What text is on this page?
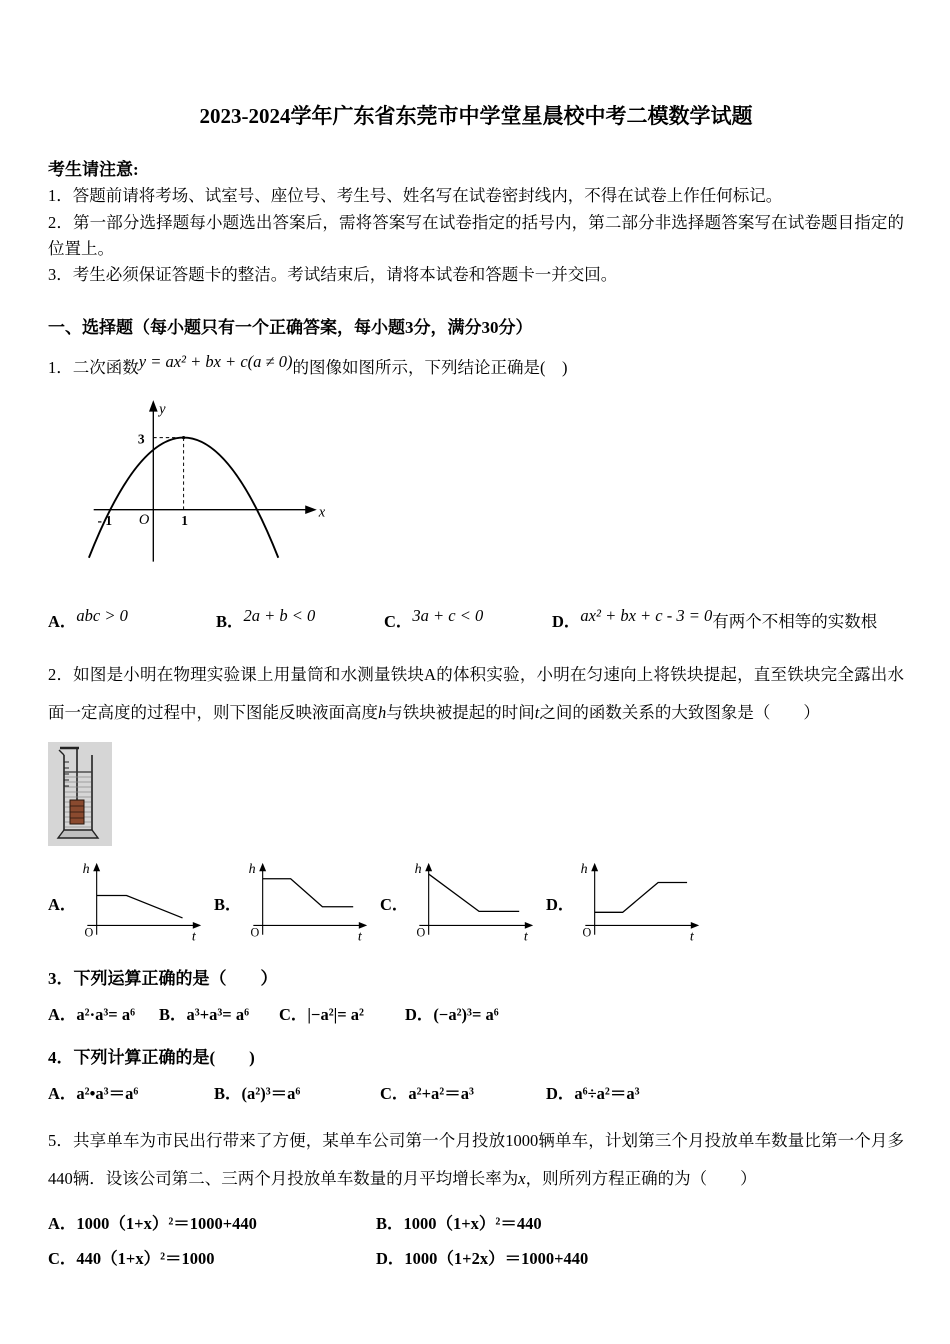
2023-2024学年广东省东莞市中学堂星晨校中考二模数学试题

考生请注意:

1．答题前请将考场、试室号、座位号、考生号、姓名写在试卷密封线内，不得在试卷上作任何标记。

2．第一部分选择题每小题选出答案后，需将答案写在试卷指定的括号内，第二部分非选择题答案写在试卷题目指定的位置上。

3．考生必须保证答题卡的整洁。考试结束后，请将本试卷和答题卡一并交回。

一、选择题（每小题只有一个正确答案，每小题3分，满分30分）

1．二次函数y = ax² + bx + c(a ≠ 0)的图像如图所示，下列结论正确是(　)

3
y
x
O 1
- 1
A．abc > 0	B．2a + b < 0	C．3a + c < 0	D．ax² + bx + c - 3 = 0有两个不相等的实数根

2．如图是小明在物理实验课上用量筒和水测量铁块A的体积实验，小明在匀速向上将铁块提起，直至铁块完全露出水面一定高度的过程中，则下图能反映液面高度h与铁块被提起的时间t之间的函数关系的大致图象是（　　）

A．
h
t
O
B．
h
t
O
C．
h
t
O
D．
h
t
O

3．下列运算正确的是（　　）

A．a²·a³= a⁶	B．a³+a³= a⁶	C．|−a²|= a²	D．(−a²)³= a⁶

4．下列计算正确的是(　　)

A．a²•a³＝a⁶	B．(a²)³＝a⁶	C．a²+a²＝a³	D．a⁶÷a²＝a³

5．共享单车为市民出行带来了方便，某单车公司第一个月投放1000辆单车，计划第三个月投放单车数量比第一个月多440辆．设该公司第二、三两个月投放单车数量的月平均增长率为x，则所列方程正确的为（　　）

A．1000（1+x）²＝1000+440	B．1000（1+x）²＝440
C．440（1+x）²＝1000	D．1000（1+2x）＝1000+440
